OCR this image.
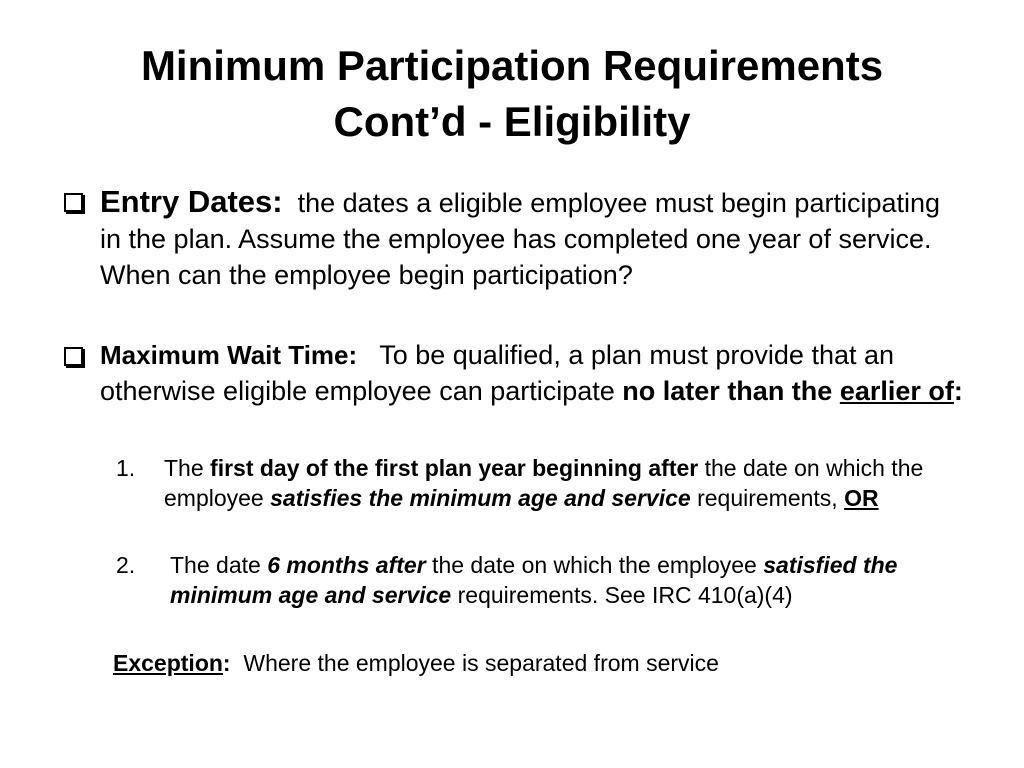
Minimum Participation Requirements
Cont’d - Eligibility
Entry Dates: the dates a eligible employee must begin participating in the plan. Assume the employee has completed one year of service. When can the employee begin participation?
Maximum Wait Time: To be qualified, a plan must provide that an otherwise eligible employee can participate no later than the earlier of:
1. The first day of the first plan year beginning after the date on which the employee satisfies the minimum age and service requirements, OR
2. The date 6 months after the date on which the employee satisfied the minimum age and service requirements. See IRC 410(a)(4)
Exception:  Where the employee is separated from service
